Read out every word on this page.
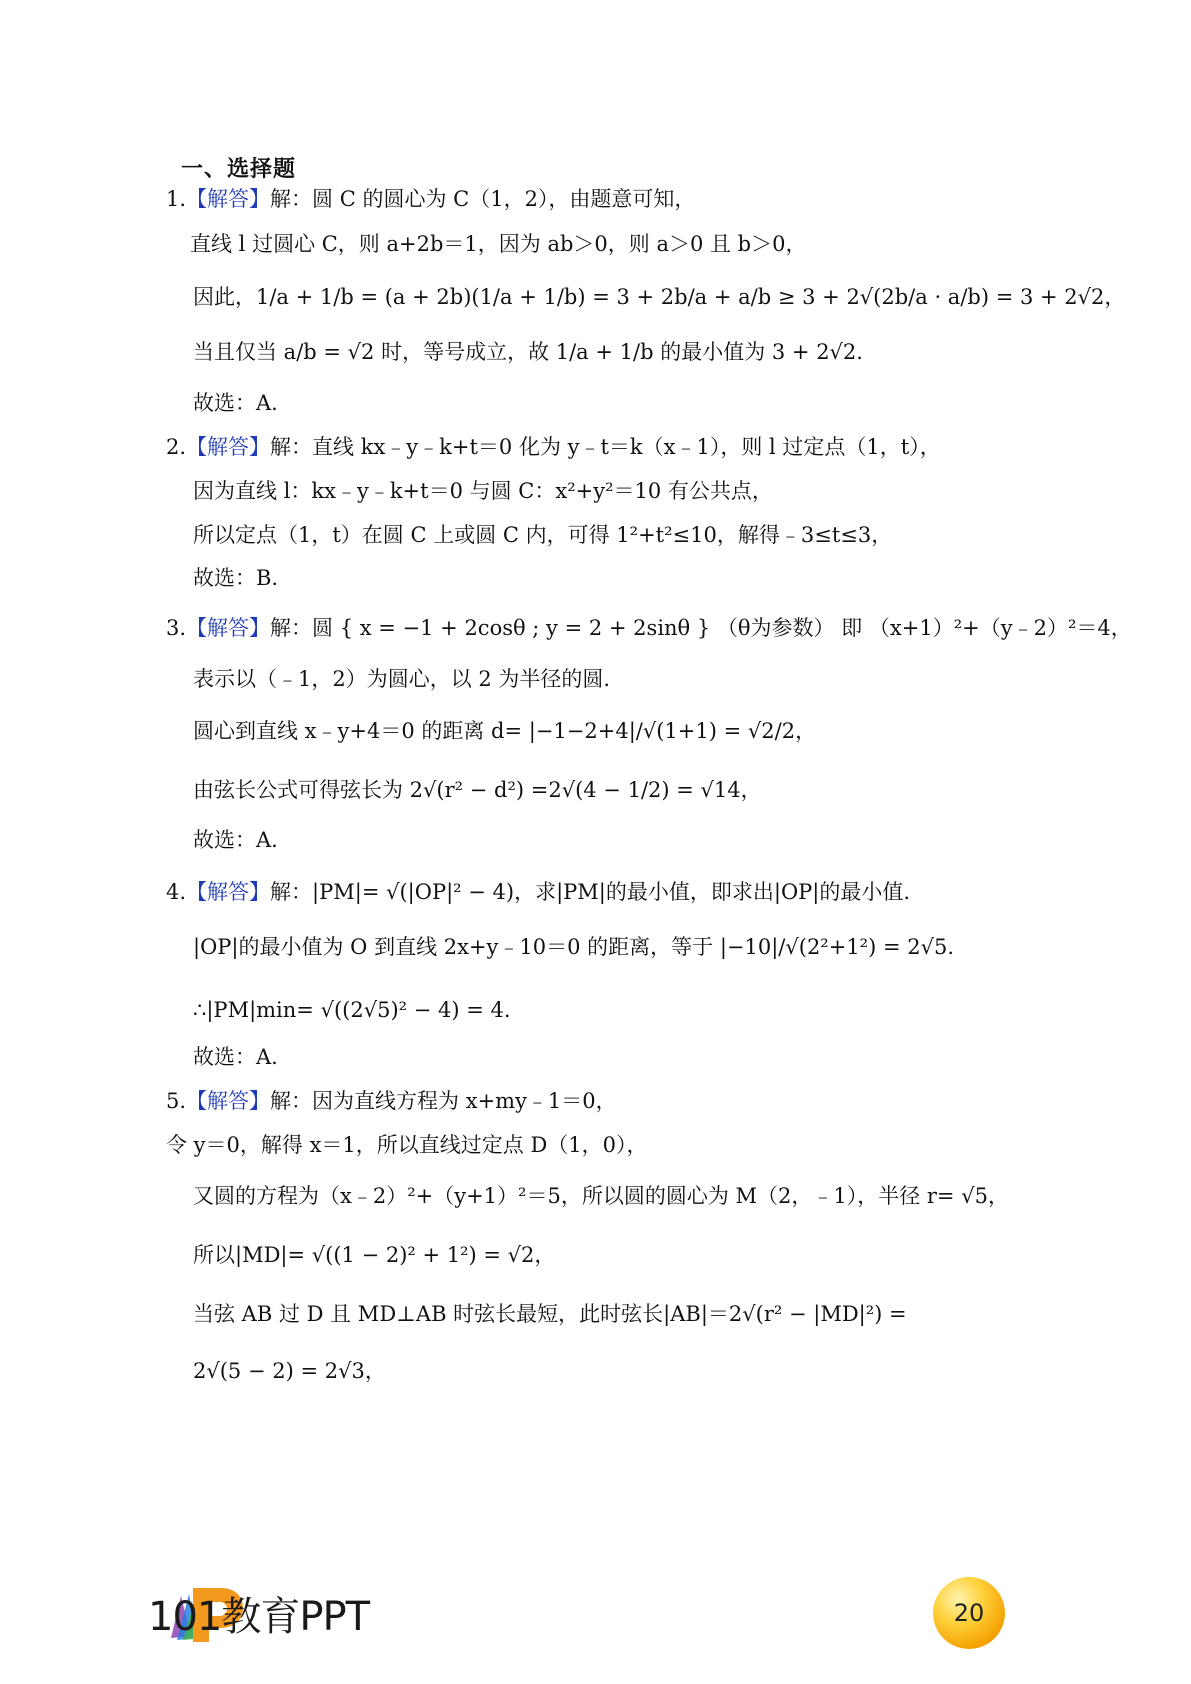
一、选择题
1.【解答】解：圆 C 的圆心为 C（1，2），由题意可知，
直线 l 过圆心 C，则 a+2b＝1，因为 ab＞0，则 a＞0 且 b＞0，
因此，1/a + 1/b = (a + 2b)(1/a + 1/b) = 3 + 2b/a + a/b ≥ 3 + 2√(2b/a · a/b) = 3 + 2√2，
当且仅当 a/b = √2 时，等号成立，故 1/a + 1/b 的最小值为 3 + 2√2.
故选：A.
2.【解答】解：直线 kx﹣y﹣k+t＝0 化为 y﹣t＝k（x﹣1），则 l 过定点（1，t），
因为直线 l：kx﹣y﹣k+t＝0 与圆 C：x²+y²＝10 有公共点，
所以定点（1，t）在圆 C 上或圆 C 内，可得 1²+t²≤10，解得﹣3≤t≤3，
故选：B.
3.【解答】解：圆 { x = −1 + 2cosθ ; y = 2 + 2sinθ } （θ为参数） 即 （x+1）²+（y﹣2）²＝4，
表示以（﹣1，2）为圆心，以 2 为半径的圆.
圆心到直线 x﹣y+4＝0 的距离 d= |−1−2+4|/√(1+1) = √2/2，
由弦长公式可得弦长为 2√(r² − d²) =2√(4 − 1/2) = √14，
故选：A.
4.【解答】解：|PM|= √(|OP|² − 4)，求|PM|的最小值，即求出|OP|的最小值.
|OP|的最小值为 O 到直线 2x+y﹣10＝0 的距离，等于 |−10|/√(2²+1²) = 2√5.
∴|PM|min= √((2√5)² − 4) = 4.
故选：A.
5.【解答】解：因为直线方程为 x+my﹣1＝0，
令 y＝0，解得 x＝1，所以直线过定点 D（1，0），
又圆的方程为（x﹣2）²+（y+1）²＝5，所以圆的圆心为 M（2，﹣1），半径 r= √5，
所以|MD|= √((1 − 2)² + 1²) = √2，
当弦 AB 过 D 且 MD⊥AB 时弦长最短，此时弦长|AB|＝2√(r² − |MD|²) =
2√(5 − 2) = 2√3，
101教育PPT	20
